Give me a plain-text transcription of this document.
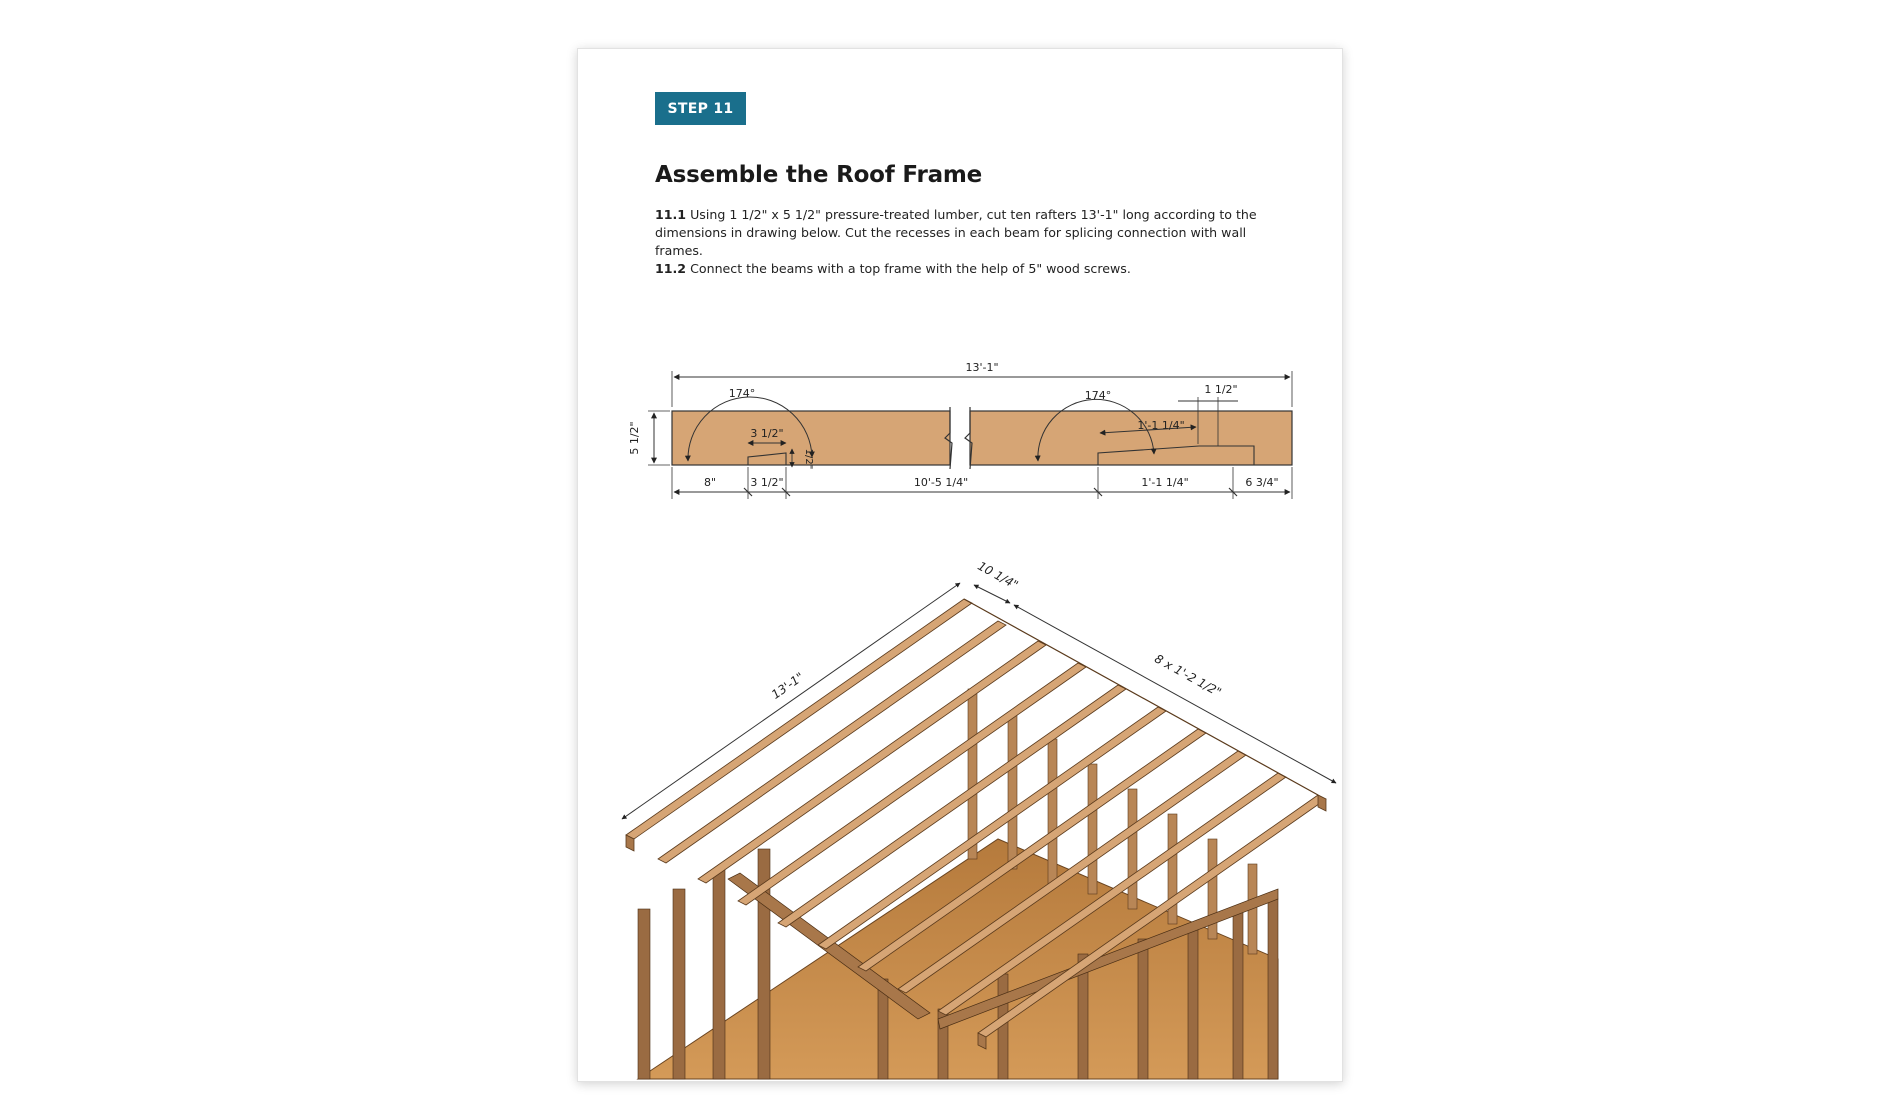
STEP 11
Assemble the Roof Frame

11.1 Using 1 1/2" x 5 1/2" pressure-treated lumber, cut ten rafters 13'-1" long according to the dimensions in drawing below. Cut the recesses in each beam for splicing connection with wall frames.

11.2 Connect the beams with a top frame with the help of 5" wood screws.

13'-1"
5 1/2"
174°	174°	1 1/2"
3 1/2"
1/2"
1'-1 1/4"
8"	3 1/2"	10'-5 1/4"	1'-1 1/4"	6 3/4"
13'-1"
10 1/4"
8 x 1'-2 1/2"
